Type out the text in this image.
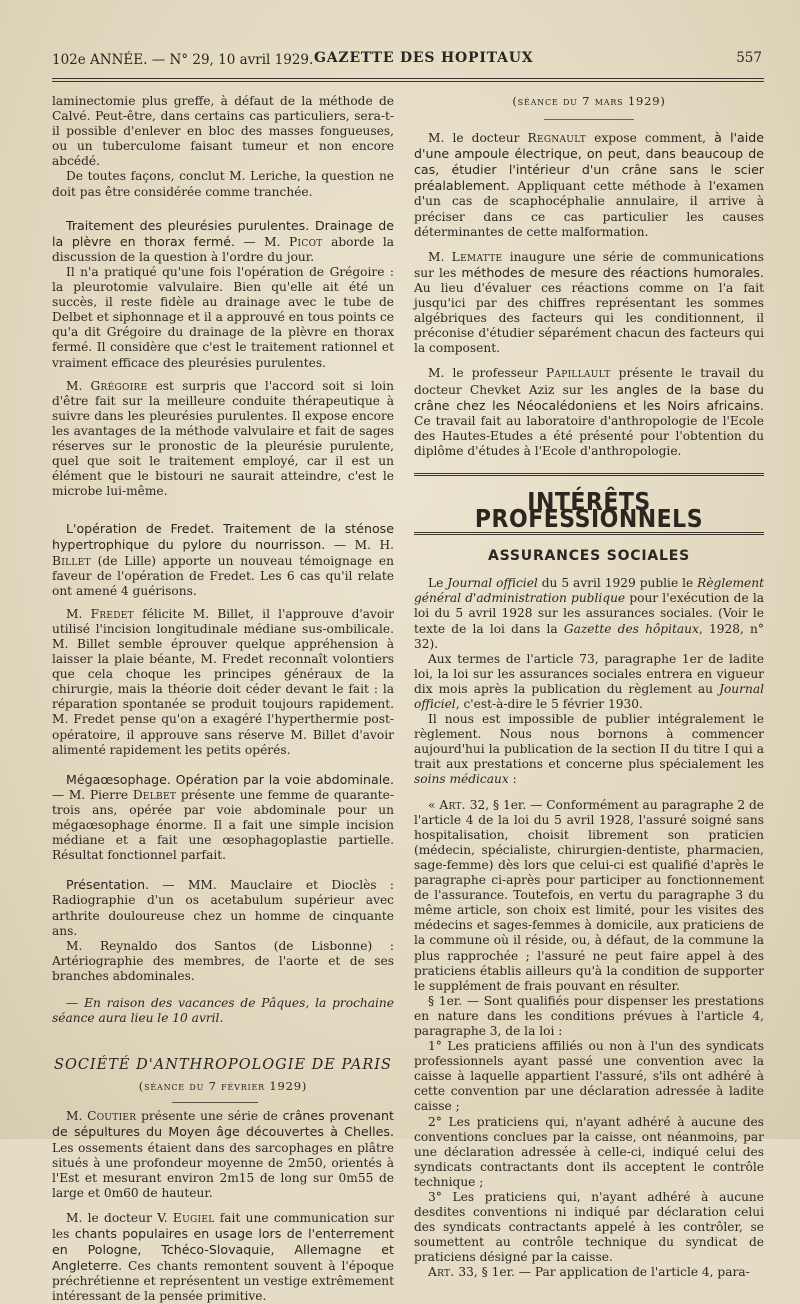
102e ANNÉE. — N° 29, 10 avril 1929. GAZETTE DES HOPITAUX	557

laminectomie plus greffe, à défaut de la méthode de Calvé. Peut-être, dans certains cas particuliers, sera-t-il possible d'enlever en bloc des masses fongueuses, ou un tuberculome faisant tumeur et non encore abcédé.

De toutes façons, conclut M. Leriche, la question ne doit pas être considérée comme tranchée.

Traitement des pleurésies purulentes. Drainage de la plèvre en thorax fermé. — M. Picot aborde la discussion de la question à l'ordre du jour.

Il n'a pratiqué qu'une fois l'opération de Grégoire : la pleurotomie valvulaire. Bien qu'elle ait été un succès, il reste fidèle au drainage avec le tube de Delbet et siphonnage et il a approuvé en tous points ce qu'a dit Grégoire du drainage de la plèvre en thorax fermé. Il considère que c'est le traitement rationnel et vraiment efficace des pleurésies purulentes.

M. Grégoire est surpris que l'accord soit si loin d'être fait sur la meilleure conduite thérapeutique à suivre dans les pleurésies purulentes. Il expose encore les avantages de la méthode valvulaire et fait de sages réserves sur le pronostic de la pleurésie purulente, quel que soit le traitement employé, car il est un élément que le bistouri ne saurait atteindre, c'est le microbe lui-même.

L'opération de Fredet. Traitement de la sténose hypertrophique du pylore du nourrisson. — M. H. Billet (de Lille) apporte un nouveau témoignage en faveur de l'opération de Fredet. Les 6 cas qu'il relate ont amené 4 guérisons.

M. Fredet félicite M. Billet, il l'approuve d'avoir utilisé l'incision longitudinale médiane sus-ombilicale. M. Billet semble éprouver quelque appréhension à laisser la plaie béante, M. Fredet reconnaît volontiers que cela choque les principes généraux de la chirurgie, mais la théorie doit céder devant le fait : la réparation spontanée se produit toujours rapidement. M. Fredet pense qu'on a exagéré l'hyperthermie post-opératoire, il approuve sans réserve M. Billet d'avoir alimenté rapidement les petits opérés.

Mégaœsophage. Opération par la voie abdominale. — M. Pierre Delbet présente une femme de quarante-trois ans, opérée par voie abdominale pour un mégaœsophage énorme. Il a fait une simple incision médiane et a fait une œsophagoplastie partielle. Résultat fonctionnel parfait.

Présentation. — MM. Mauclaire et Dioclès : Radiographie d'un os acetabulum supérieur avec arthrite douloureuse chez un homme de cinquante ans.

M. Reynaldo dos Santos (de Lisbonne) : Artériographie des membres, de l'aorte et de ses branches abdominales.

— En raison des vacances de Pâques, la prochaine séance aura lieu le 10 avril.

SOCIÉTÉ D'ANTHROPOLOGIE DE PARIS
(séance du 7 février 1929)

M. Coutier présente une série de crânes provenant de sépultures du Moyen âge découvertes à Chelles. Les ossements étaient dans des sarcophages en plâtre situés à une profondeur moyenne de 2m50, orientés à l'Est et mesurant environ 2m15 de long sur 0m55 de large et 0m60 de hauteur.

M. le docteur V. Eugiel fait une communication sur les chants populaires en usage lors de l'enterrement en Pologne, Tchéco-Slovaquie, Allemagne et Angleterre. Ces chants remontent souvent à l'époque préchrétienne et représentent un vestige extrêmement intéressant de la pensée primitive.

(séance du 7 mars 1929)

M. le docteur Regnault expose comment, à l'aide d'une ampoule électrique, on peut, dans beaucoup de cas, étudier l'intérieur d'un crâne sans le scier préalablement. Appliquant cette méthode à l'examen d'un cas de scaphocéphalie annulaire, il arrive à préciser dans ce cas particulier les causes déterminantes de cette malformation.

M. Lematte inaugure une série de communications sur les méthodes de mesure des réactions humorales. Au lieu d'évaluer ces réactions comme on l'a fait jusqu'ici par des chiffres représentant les sommes algébriques des facteurs qui les conditionnent, il préconise d'étudier séparément chacun des facteurs qui la composent.

M. le professeur Papillault présente le travail du docteur Chevket Aziz sur les angles de la base du crâne chez les Néocalédoniens et les Noirs africains. Ce travail fait au laboratoire d'anthropologie de l'Ecole des Hautes-Etudes a été présenté pour l'obtention du diplôme d'études à l'Ecole d'anthropologie.

INTÉRÊTS PROFESSIONNELS
ASSURANCES SOCIALES

Le Journal officiel du 5 avril 1929 publie le Règlement général d'administration publique pour l'exécution de la loi du 5 avril 1928 sur les assurances sociales. (Voir le texte de la loi dans la Gazette des hôpitaux, 1928, n° 32).

Aux termes de l'article 73, paragraphe 1er de ladite loi, la loi sur les assurances sociales entrera en vigueur dix mois après la publication du règlement au Journal officiel, c'est-à-dire le 5 février 1930.

Il nous est impossible de publier intégralement le règlement. Nous nous bornons à commencer aujourd'hui la publication de la section II du titre I qui a trait aux prestations et concerne plus spécialement les soins médicaux :

« Art. 32, § 1er. — Conformément au paragraphe 2 de l'article 4 de la loi du 5 avril 1928, l'assuré soigné sans hospitalisation, choisit librement son praticien (médecin, spécialiste, chirurgien-dentiste, pharmacien, sage-femme) dès lors que celui-ci est qualifié d'après le paragraphe ci-après pour participer au fonctionnement de l'assurance. Toutefois, en vertu du paragraphe 3 du même article, son choix est limité, pour les visites des médecins et sages-femmes à domicile, aux praticiens de la commune où il réside, ou, à défaut, de la commune la plus rapprochée ; l'assuré ne peut faire appel à des praticiens établis ailleurs qu'à la condition de supporter le supplément de frais pouvant en résulter.

§ 1er. — Sont qualifiés pour dispenser les prestations en nature dans les conditions prévues à l'article 4, paragraphe 3, de la loi :

1° Les praticiens affiliés ou non à l'un des syndicats professionnels ayant passé une convention avec la caisse à laquelle appartient l'assuré, s'ils ont adhéré à cette convention par une déclaration adressée à ladite caisse ;

2° Les praticiens qui, n'ayant adhéré à aucune des conventions conclues par la caisse, ont néanmoins, par une déclaration adressée à celle-ci, indiqué celui des syndicats contractants dont ils acceptent le contrôle technique ;

3° Les praticiens qui, n'ayant adhéré à aucune desdites conventions ni indiqué par déclaration celui des syndicats contractants appelé à les contrôler, se soumettent au contrôle technique du syndicat de praticiens désigné par la caisse.

Art. 33, § 1er. — Par application de l'article 4, para-
